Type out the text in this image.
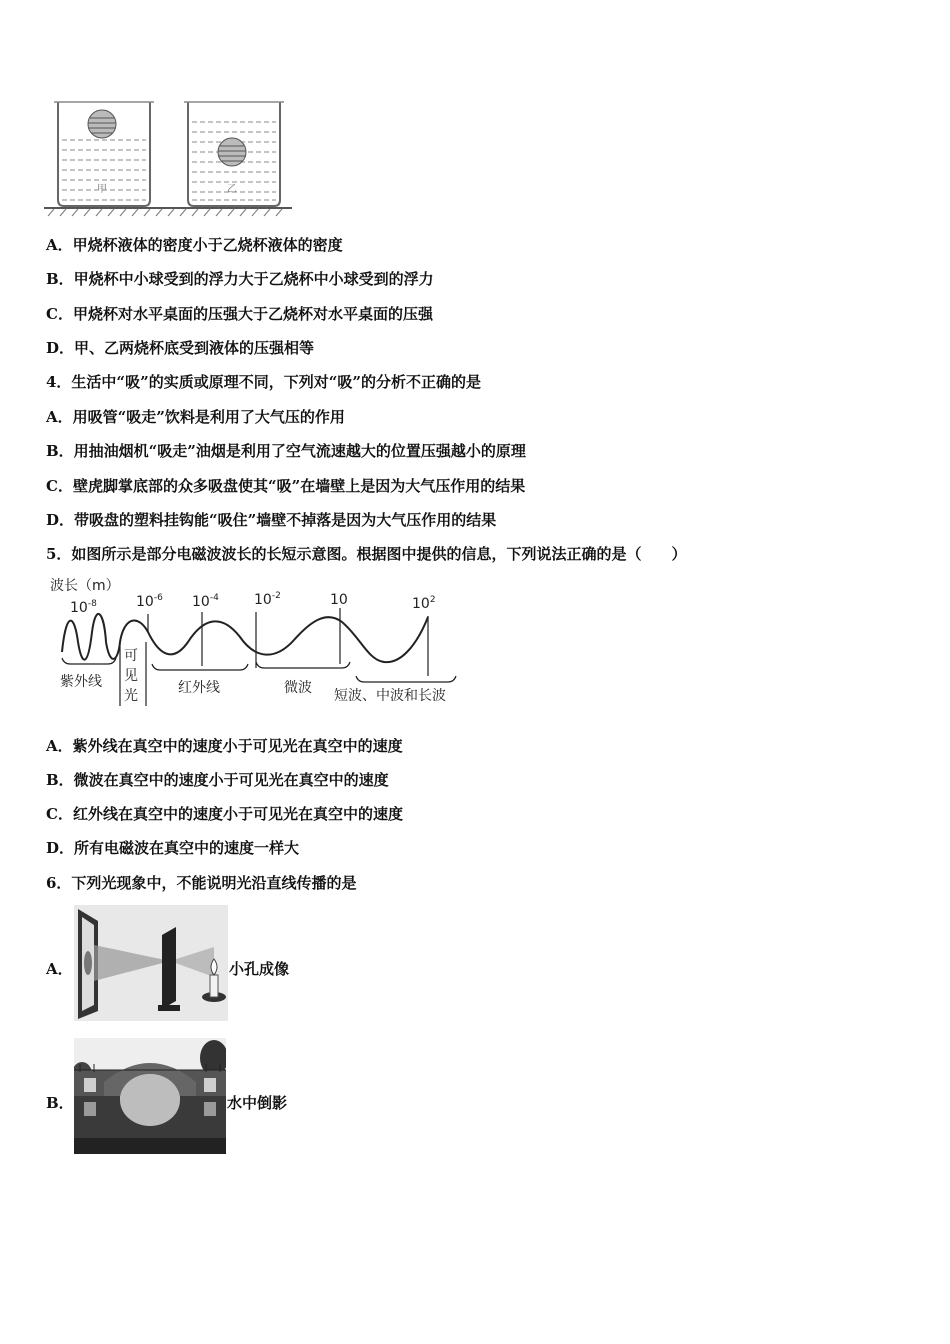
甲	乙
A．甲烧杯液体的密度小于乙烧杯液体的密度
B．甲烧杯中小球受到的浮力大于乙烧杯中小球受到的浮力
C．甲烧杯对水平桌面的压强大于乙烧杯对水平桌面的压强
D．甲、乙两烧杯底受到液体的压强相等
4．生活中“吸”的实质或原理不同，下列对“吸”的分析不正确的是
A．用吸管“吸走”饮料是利用了大气压的作用
B．用抽油烟机“吸走”油烟是利用了空气流速越大的位置压强越小的原理
C．壁虎脚掌底部的众多吸盘使其“吸”在墙壁上是因为大气压作用的结果
D．带吸盘的塑料挂钩能“吸住”墙壁不掉落是因为大气压作用的结果
5．如图所示是部分电磁波波长的长短示意图。根据图中提供的信息，下列说法正确的是（　　）
波长（m）
$10^{-8}$	$10^{-6}$ $10^{-4}$	$10^{-2}$	10	$10^2$
紫外线
可
见
光	红外线	微波 短波、中波和长波
A．紫外线在真空中的速度小于可见光在真空中的速度
B．微波在真空中的速度小于可见光在真空中的速度
C．红外线在真空中的速度小于可见光在真空中的速度
D．所有电磁波在真空中的速度一样大
6．下列光现象中，不能说明光沿直线传播的是
A．	小孔成像
B．	水中倒影
